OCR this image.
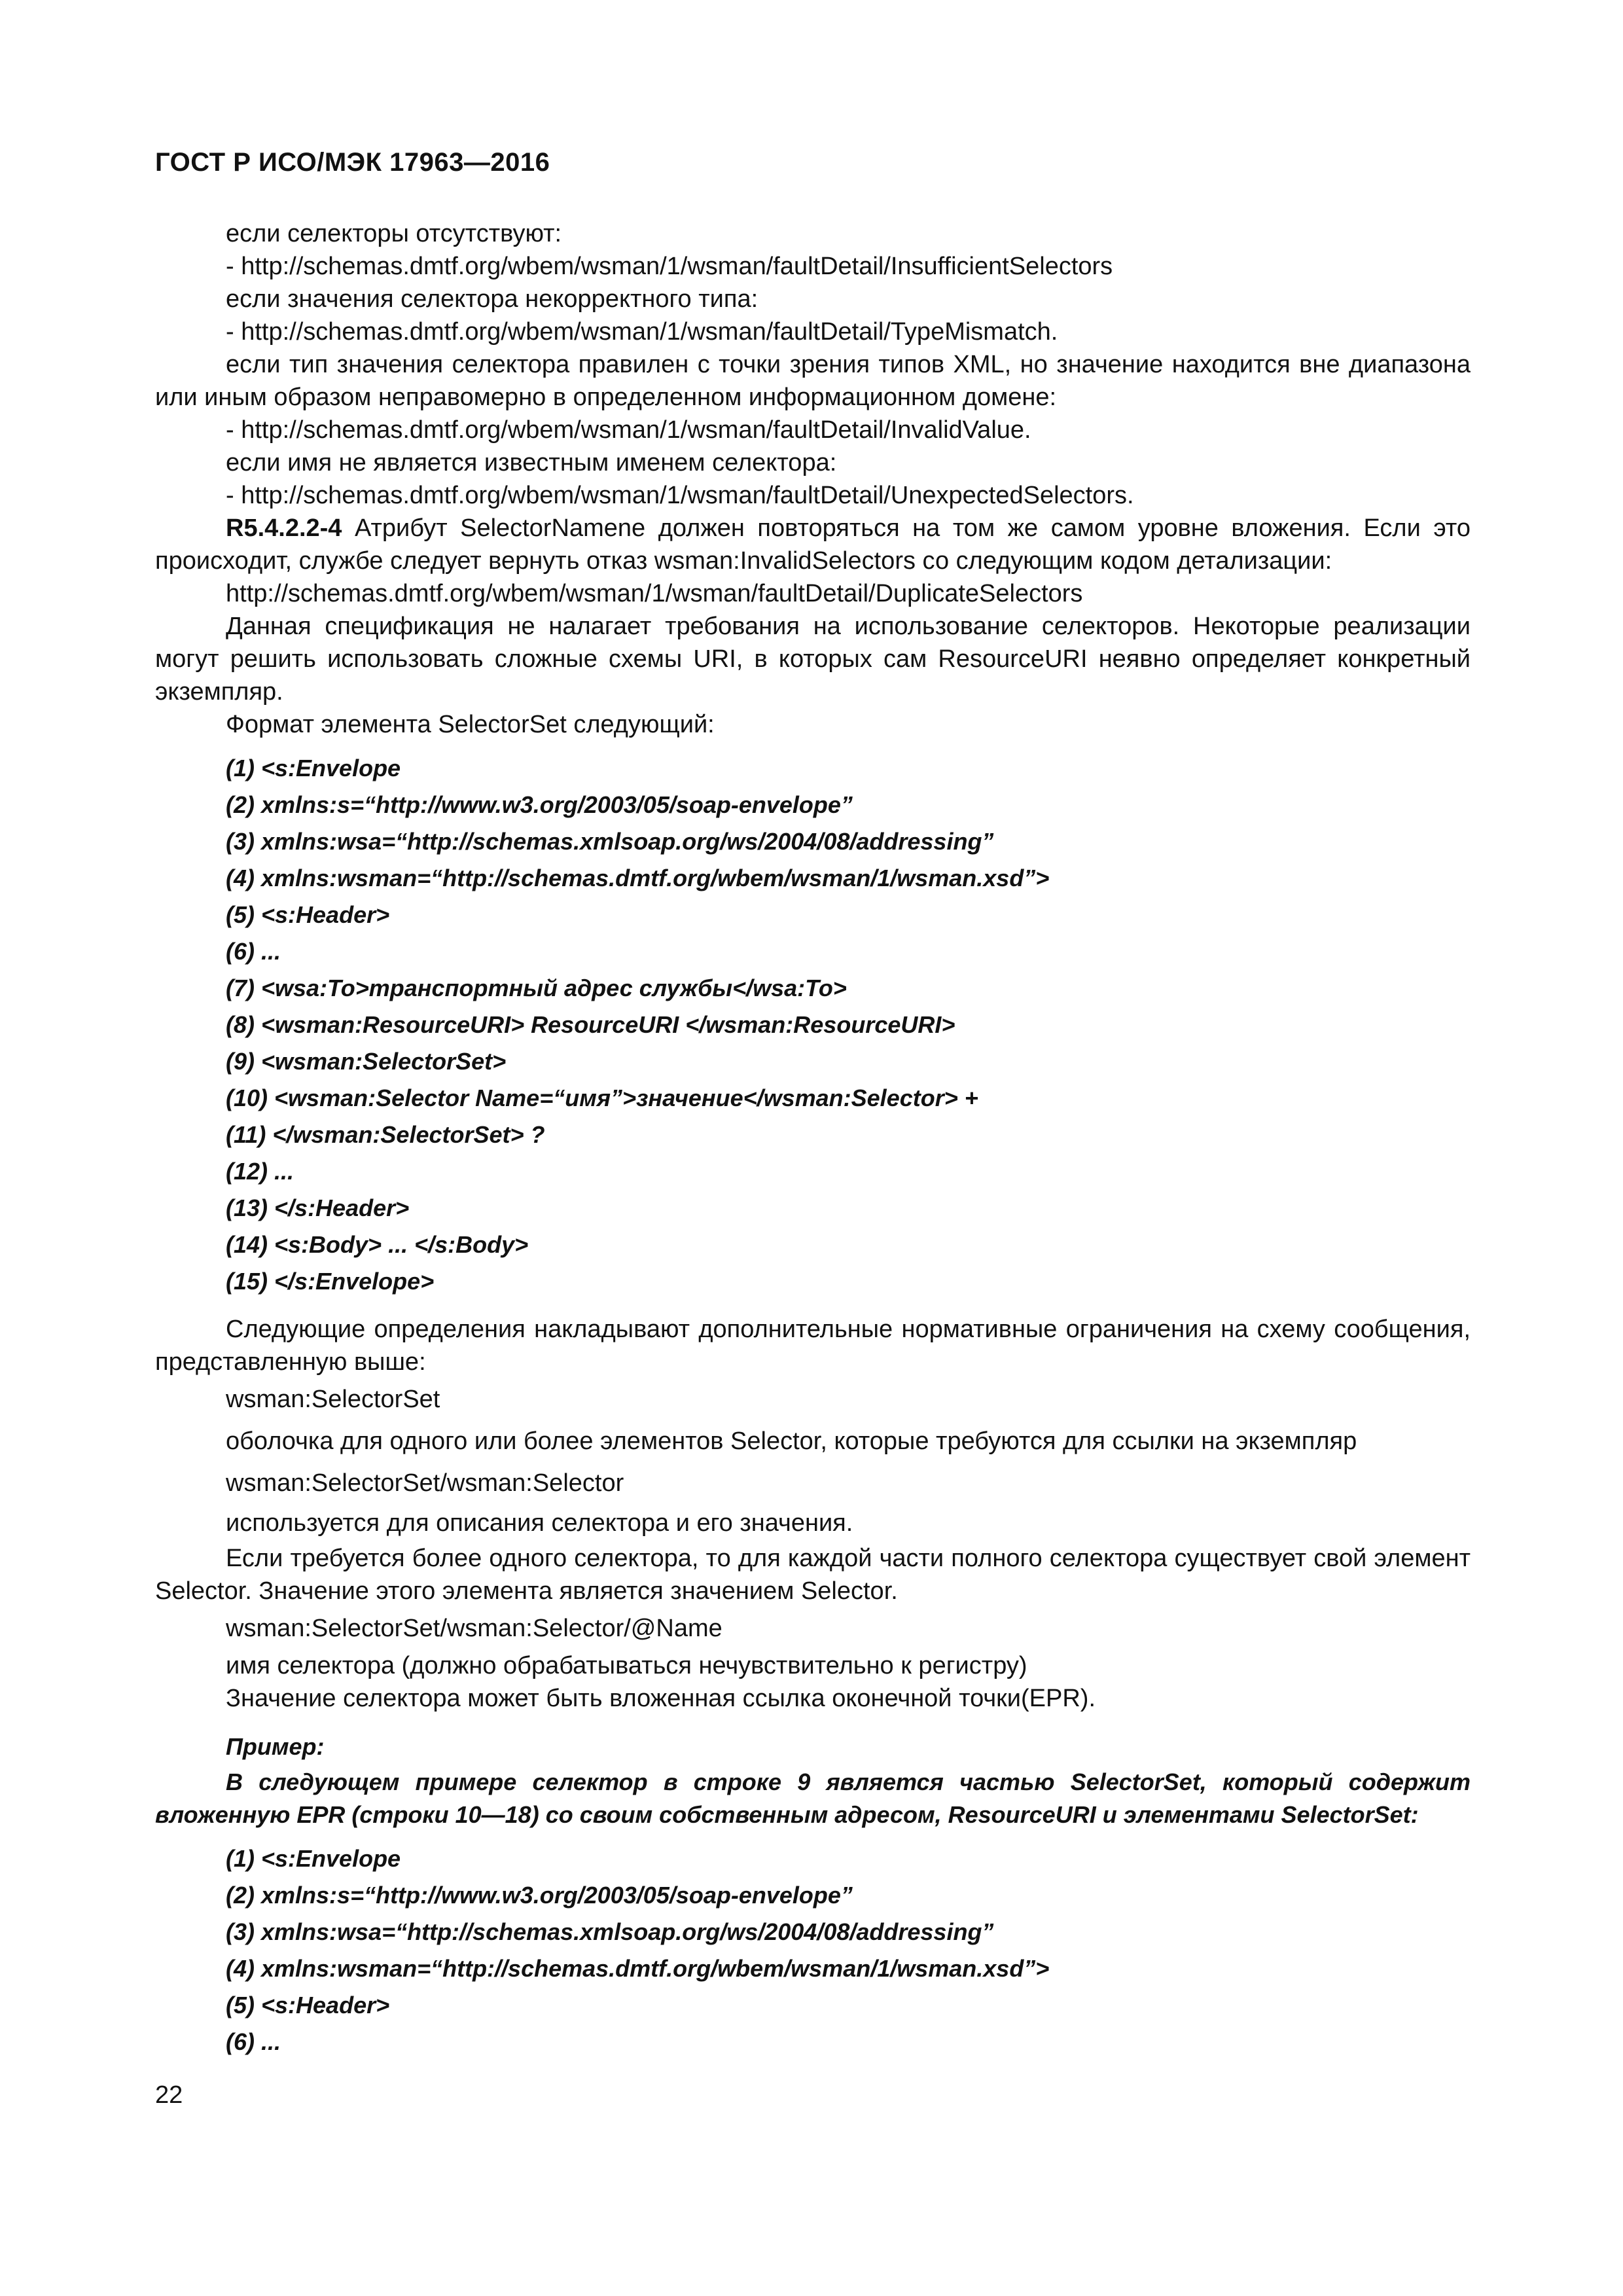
ГОСТ Р ИСО/МЭК 17963—2016

если селекторы отсутствуют:

- http://schemas.dmtf.org/wbem/wsman/1/wsman/faultDetail/InsufficientSelectors

если значения селектора некорректного типа:

- http://schemas.dmtf.org/wbem/wsman/1/wsman/faultDetail/TypeMismatch.

если тип значения селектора правилен с точки зрения типов XML, но значение находится вне диапазона или иным образом неправомерно в определенном информационном домене:

- http://schemas.dmtf.org/wbem/wsman/1/wsman/faultDetail/InvalidValue.

если имя не является известным именем селектора:

- http://schemas.dmtf.org/wbem/wsman/1/wsman/faultDetail/UnexpectedSelectors.

R5.4.2.2-4 Атрибут SelectorNamene должен повторяться на том же самом уровне вложения. Если это происходит, службе следует вернуть отказ wsman:InvalidSelectors со следующим кодом детализации:

http://schemas.dmtf.org/wbem/wsman/1/wsman/faultDetail/DuplicateSelectors

Данная спецификация не налагает требования на использование селекторов. Некоторые реализации могут решить использовать сложные схемы URI, в которых сам ResourceURI неявно определяет конкретный экземпляр.

Формат элемента SelectorSet следующий:

(1) <s:Envelope
(2) xmlns:s=“http://www.w3.org/2003/05/soap-envelope”
(3) xmlns:wsa=“http://schemas.xmlsoap.org/ws/2004/08/addressing”
(4) xmlns:wsman=“http://schemas.dmtf.org/wbem/wsman/1/wsman.xsd”>
(5) <s:Header>
(6) ...
(7) <wsa:To>транспортный адрес службы</wsa:To>
(8) <wsman:ResourceURI> ResourceURI </wsman:ResourceURI>
(9) <wsman:SelectorSet>
(10) <wsman:Selector Name=“имя”>значение</wsman:Selector> +
(11) </wsman:SelectorSet> ?
(12) ...
(13) </s:Header>
(14) <s:Body> ... </s:Body>
(15) </s:Envelope>

Следующие определения накладывают дополнительные нормативные ограничения на схему сообщения, представленную выше:

wsman:SelectorSet
оболочка для одного или более элементов Selector, которые требуются для ссылки на экземпляр
wsman:SelectorSet/wsman:Selector
используется для описания селектора и его значения.

Если требуется более одного селектора, то для каждой части полного селектора существует свой элемент Selector. Значение этого элемента является значением Selector.

wsman:SelectorSet/wsman:Selector/@Name

имя селектора (должно обрабатываться нечувствительно к регистру)

Значение селектора может быть вложенная ссылка оконечной точки(EPR).

Пример:

В следующем примере селектор в строке 9 является частью SelectorSet, который содержит вложенную EPR (строки 10—18) со своим собственным адресом, ResourceURI и элементами SelectorSet:

(1) <s:Envelope
(2) xmlns:s=“http://www.w3.org/2003/05/soap-envelope”
(3) xmlns:wsa=“http://schemas.xmlsoap.org/ws/2004/08/addressing”
(4) xmlns:wsman=“http://schemas.dmtf.org/wbem/wsman/1/wsman.xsd”>
(5) <s:Header>
(6) ...
22
